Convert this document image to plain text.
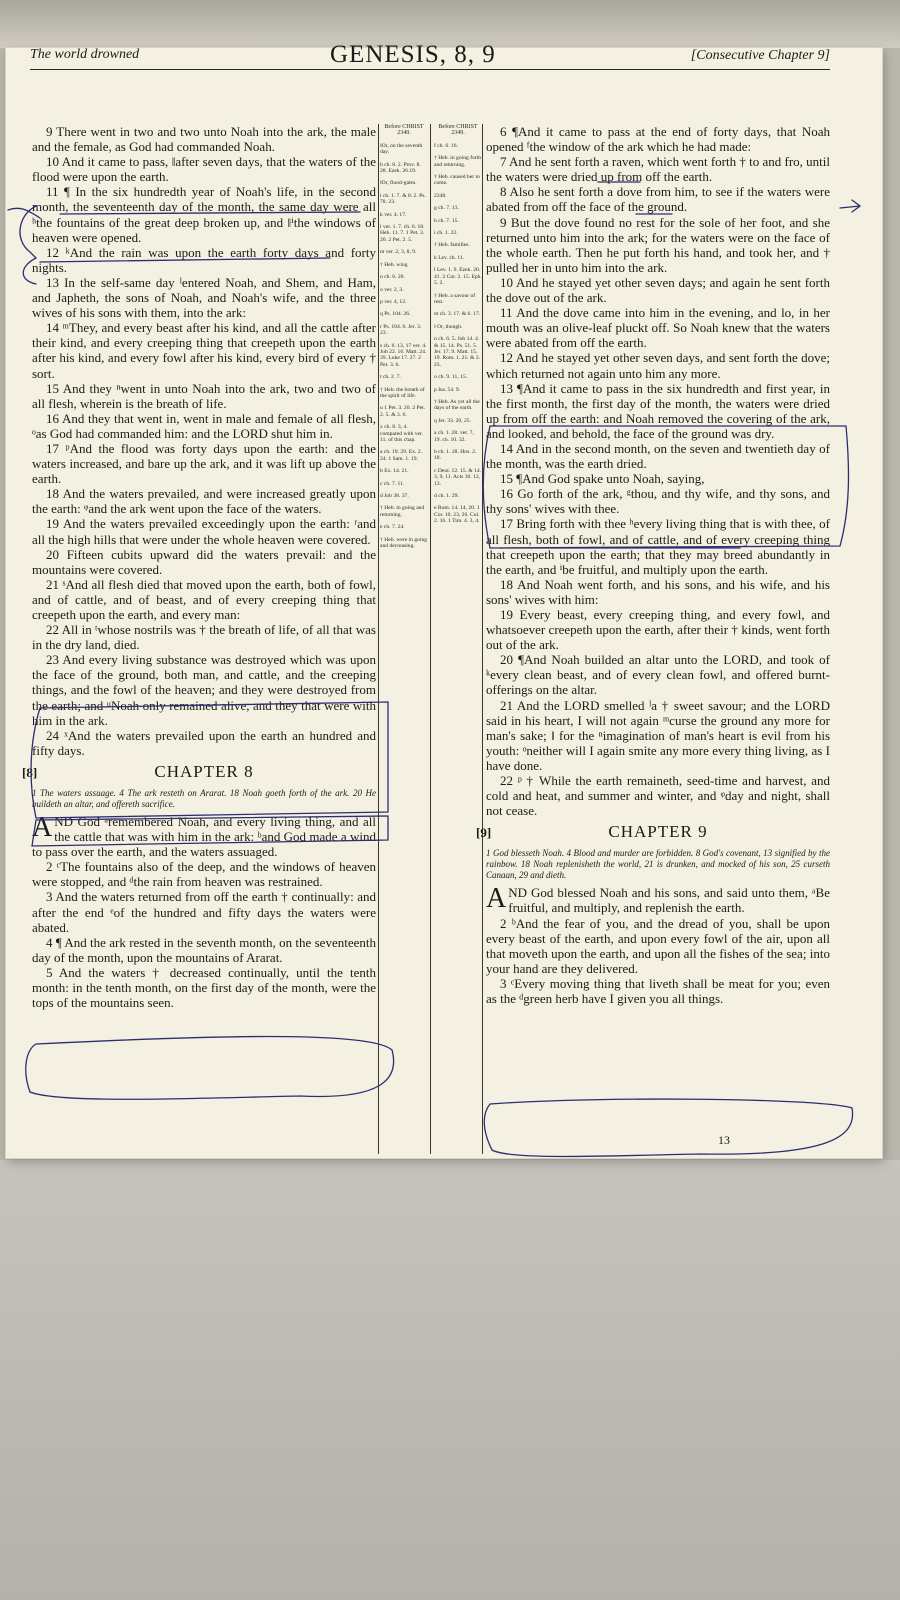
The world drowned	GENESIS, 8, 9	[Consecutive Chapter 9]

9 There went in two and two unto Noah into the ark, the male and the female, as God had commanded Noah.

10 And it came to pass, ‖after seven days, that the waters of the flood were upon the earth.

11 ¶ In the six hundredth year of Noah's life, in the second month, the seventeenth day of the month, the same day were all ʰthe fountains of the great deep broken up, and ‖ⁱthe windows of heaven were opened.

12 ᵏAnd the rain was upon the earth forty days and forty nights.

13 In the self-same day ˡentered Noah, and Shem, and Ham, and Japheth, the sons of Noah, and Noah's wife, and the three wives of his sons with them, into the ark:

14 ᵐThey, and every beast after his kind, and all the cattle after their kind, and every creeping thing that creepeth upon the earth after his kind, and every fowl after his kind, every bird of every † sort.

15 And they ⁿwent in unto Noah into the ark, two and two of all flesh, wherein is the breath of life.

16 And they that went in, went in male and female of all flesh, ᵒas God had commanded him: and the LORD shut him in.

17 ᵖAnd the flood was forty days upon the earth: and the waters increased, and bare up the ark, and it was lift up above the earth.

18 And the waters prevailed, and were increased greatly upon the earth: ᵠand the ark went upon the face of the waters.

19 And the waters prevailed exceedingly upon the earth: ʳand all the high hills that were under the whole heaven were covered.

20 Fifteen cubits upward did the waters prevail: and the mountains were covered.

21 ˢAnd all flesh died that moved upon the earth, both of fowl, and of cattle, and of beast, and of every creeping thing that creepeth upon the earth, and every man:

22 All in ᵗwhose nostrils was † the breath of life, of all that was in the dry land, died.

23 And every living substance was destroyed which was upon the face of the ground, both man, and cattle, and the creeping things, and the fowl of the heaven; and they were destroyed from the earth; and ᵘNoah only remained alive, and they that were with him in the ark.

24 ˣAnd the waters prevailed upon the earth an hundred and fifty days.

[8]	CHAPTER 8

1 The waters assuage. 4 The ark resteth on Ararat. 18 Noah goeth forth of the ark. 20 He buildeth an altar, and offereth sacrifice.

AND God ᵃremembered Noah, and every living thing, and all the cattle that was with him in the ark: ᵇand God made a wind to pass over the earth, and the waters assuaged.

2 ᶜThe fountains also of the deep, and the windows of heaven were stopped, and ᵈthe rain from heaven was restrained.

3 And the waters returned from off the earth † continually: and after the end ᵉof the hundred and fifty days the waters were abated.

4 ¶ And the ark rested in the seventh month, on the seventeenth day of the month, upon the mountains of Ararat.

5 And the waters † decreased continually, until the tenth month: in the tenth month, on the first day of the month, were the tops of the mountains seen.

Before CHRIST 2349.
‖Or, on the seventh day.
h ch. 8. 2. Prov. 8. 28. Ezek. 26.19.
‖Or, flood-gates.
i ch. 1. 7. & 8. 2. Ps. 78. 23.
k ver. 4. 17.
l ver. 1. 7. ch. 6. 18. Heb. 11. 7. 1 Pet. 3. 20. 2 Pet. 2. 5.
m ver. 2, 3, 8, 9.
† Heb. wing
n ch. 6. 20.
o ver. 2, 3.
p ver. 4, 12.
q Ps. 104. 26.
r Ps. 104. 6. Jer. 3. 23.
s ch. 6. 13, 17 ver. 4. Job 22. 16. Matt. 24. 39. Luke 17. 27. 2 Pet. 3. 6.
t ch. 2. 7.
† Heb. the breath of the spirit of life.
u 1 Pet. 3. 20. 2 Pet. 2. 5. & 3. 6.
x ch. 8. 3, 4. compared with ver. 11. of this chap.
a ch. 19. 29. Ex. 2. 24. 1 Sam. 1. 19.
b Ex. 14. 21.
c ch. 7. 11.
d Job 38. 37.
† Heb. in going and returning.
e ch. 7. 24.
† Heb. were in going and decreasing.
Before CHRIST 2349.
f ch. 6. 16.
† Heb. in going forth and returning.
† Heb. caused her to come.
2348.
g ch. 7. 13.
h ch. 7. 15.
i ch. 1. 22.
† Heb. families.
k Lev. ch. 11.
l Lev. 1. 9. Ezek. 20. 41. 2 Cor. 2. 15. Eph. 5. 2.
† Heb. a savour of rest.
m ch. 3. 17. & 6. 17.
‖ Or, though.
n ch. 6. 5. Job 14. 4. & 15. 14. Ps. 51. 5. Jer. 17. 9. Matt. 15. 19. Rom. 1. 21. & 3. 23.
o ch. 9. 11, 15.
p Isa. 54. 9.
† Heb. As yet all the days of the earth.
q Jer. 33. 20, 25.
a ch. 1. 28. ver. 7, 19. ch. 10. 32.
b ch. 1. 28. Hos. 2. 18.
c Deut. 12. 15. & 14. 3, 9, 11. Acts 10. 12, 13.
d ch. 1. 29.
e Rom. 14. 14, 20. 1 Cor. 10. 23, 26. Col. 2. 16. 1 Tim. 4. 3, 4.

6 ¶And it came to pass at the end of forty days, that Noah opened ᶠthe window of the ark which he had made:

7 And he sent forth a raven, which went forth † to and fro, until the waters were dried up from off the earth.

8 Also he sent forth a dove from him, to see if the waters were abated from off the face of the ground.

9 But the dove found no rest for the sole of her foot, and she returned unto him into the ark; for the waters were on the face of the whole earth. Then he put forth his hand, and took her, and † pulled her in unto him into the ark.

10 And he stayed yet other seven days; and again he sent forth the dove out of the ark.

11 And the dove came into him in the evening, and lo, in her mouth was an olive-leaf pluckt off. So Noah knew that the waters were abated from off the earth.

12 And he stayed yet other seven days, and sent forth the dove; which returned not again unto him any more.

13 ¶And it came to pass in the six hundredth and first year, in the first month, the first day of the month, the waters were dried up from off the earth: and Noah removed the covering of the ark, and looked, and behold, the face of the ground was dry.

14 And in the second month, on the seven and twentieth day of the month, was the earth dried.

15 ¶And God spake unto Noah, saying,

16 Go forth of the ark, ᵍthou, and thy wife, and thy sons, and thy sons' wives with thee.

17 Bring forth with thee ʰevery living thing that is with thee, of all flesh, both of fowl, and of cattle, and of every creeping thing that creepeth upon the earth; that they may breed abundantly in the earth, and ⁱbe fruitful, and multiply upon the earth.

18 And Noah went forth, and his sons, and his wife, and his sons' wives with him:

19 Every beast, every creeping thing, and every fowl, and whatsoever creepeth upon the earth, after their † kinds, went forth out of the ark.

20 ¶And Noah builded an altar unto the LORD, and took of ᵏevery clean beast, and of every clean fowl, and offered burnt-offerings on the altar.

21 And the LORD smelled ˡa † sweet savour; and the LORD said in his heart, I will not again ᵐcurse the ground any more for man's sake; ‖ for the ⁿimagination of man's heart is evil from his youth: ᵒneither will I again smite any more every thing living, as I have done.

22 ᵖ † While the earth remaineth, seed-time and harvest, and cold and heat, and summer and winter, and ᵠday and night, shall not cease.

[9]	CHAPTER 9

1 God blesseth Noah. 4 Blood and murder are forbidden. 8 God's covenant, 13 signified by the rainbow. 18 Noah replenisheth the world, 21 is drunken, and mocked of his son, 25 curseth Canaan, 29 and dieth.

AND God blessed Noah and his sons, and said unto them, ᵃBe fruitful, and multiply, and replenish the earth.

2 ᵇAnd the fear of you, and the dread of you, shall be upon every beast of the earth, and upon every fowl of the air, upon all that moveth upon the earth, and upon all the fishes of the sea; into your hand are they delivered.

3 ᶜEvery moving thing that liveth shall be meat for you; even as the ᵈgreen herb have I given you all things.

13
